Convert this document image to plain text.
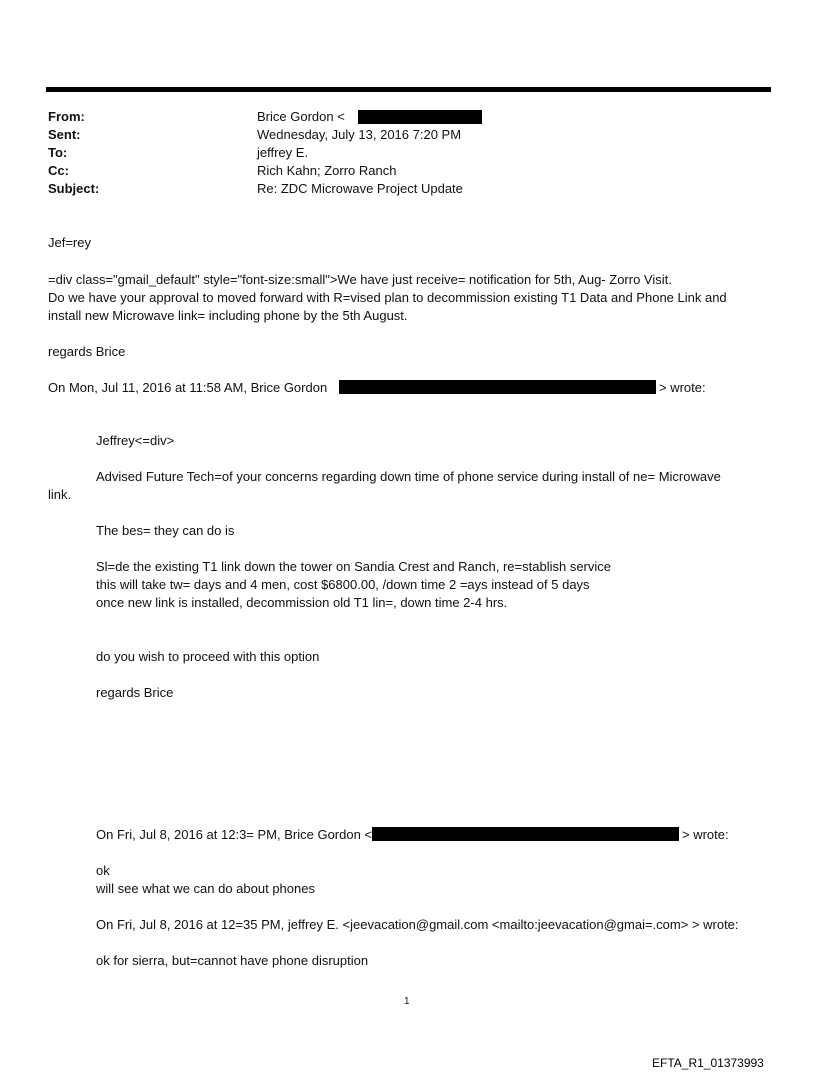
From:	Brice Gordon <
Sent:	Wednesday, July 13, 2016 7:20 PM
To:	jeffrey E.
Cc:	Rich Kahn; Zorro Ranch
Subject:	Re: ZDC Microwave Project Update
Jef=rey
=div class="gmail_default" style="font-size:small">We have just receive= notification for 5th, Aug- Zorro Visit.
Do we have your approval to moved forward with R=vised plan to decommission existing T1 Data and Phone Link and
install new Microwave link= including phone by the 5th August.
regards Brice
On Mon, Jul 11, 2016 at 11:58 AM, Brice Gordon	> wrote:
Jeffrey<=div>
Advised Future Tech=of your concerns regarding down time of phone service during install of ne= Microwave
link.
The bes= they can do is
Sl=de the existing T1 link down the tower on Sandia Crest and Ranch, re=stablish service
this will take tw= days and 4 men, cost $6800.00, /down time 2 =ays instead of 5 days
once new link is installed, decommission old T1 lin=, down time 2-4 hrs.
do you wish to proceed with this option
regards Brice
On Fri, Jul 8, 2016 at 12:3= PM, Brice Gordon <	> wrote:
ok
will see what we can do about phones
On Fri, Jul 8, 2016 at 12=35 PM, jeffrey E. <jeevacation@gmail.com <mailto:jeevacation@gmai=.com> > wrote:
ok for sierra, but=cannot have phone disruption
1
EFTA_R1_01373993
